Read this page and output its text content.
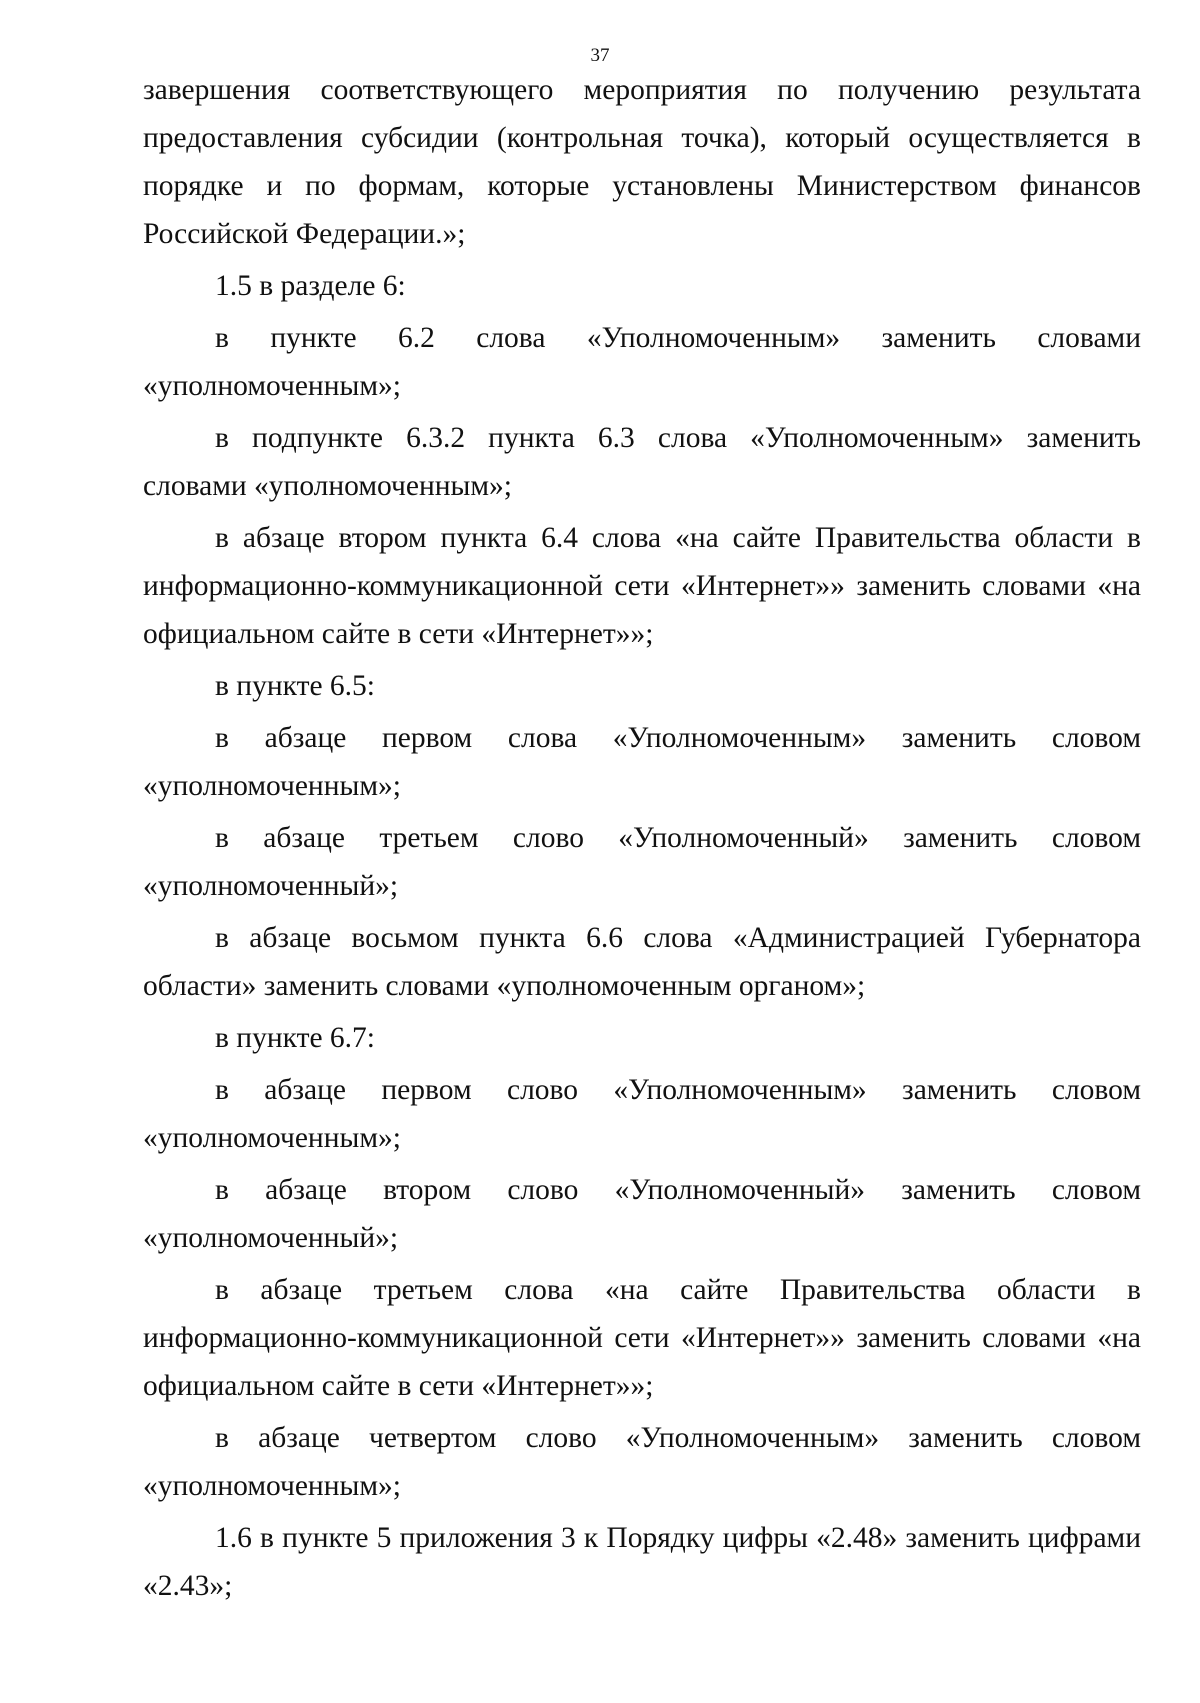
37

завершения соответствующего мероприятия по получению результата предоставления субсидии (контрольная точка), который осуществляется в порядке и по формам, которые установлены Министерством финансов Российской Федерации.»;

1.5 в разделе 6:

в пункте 6.2 слова «Уполномоченным» заменить словами «уполномоченным»;

в подпункте 6.3.2 пункта 6.3 слова «Уполномоченным» заменить словами «уполномоченным»;

в абзаце втором пункта 6.4 слова «на сайте Правительства области в информационно-коммуникационной сети «Интернет»» заменить словами «на официальном сайте в сети «Интернет»»;

в пункте 6.5:

в абзаце первом слова «Уполномоченным» заменить словом «уполномоченным»;

в абзаце третьем слово «Уполномоченный» заменить словом «уполномоченный»;

в абзаце восьмом пункта 6.6 слова «Администрацией Губернатора области» заменить словами «уполномоченным органом»;

в пункте 6.7:

в абзаце первом слово «Уполномоченным» заменить словом «уполномоченным»;

в абзаце втором слово «Уполномоченный» заменить словом «уполномоченный»;

в абзаце третьем слова «на сайте Правительства области в информационно-коммуникационной сети «Интернет»» заменить словами «на официальном сайте в сети «Интернет»»;

в абзаце четвертом слово «Уполномоченным» заменить словом «уполномоченным»;

1.6 в пункте 5 приложения 3 к Порядку цифры «2.48» заменить цифрами «2.43»;
